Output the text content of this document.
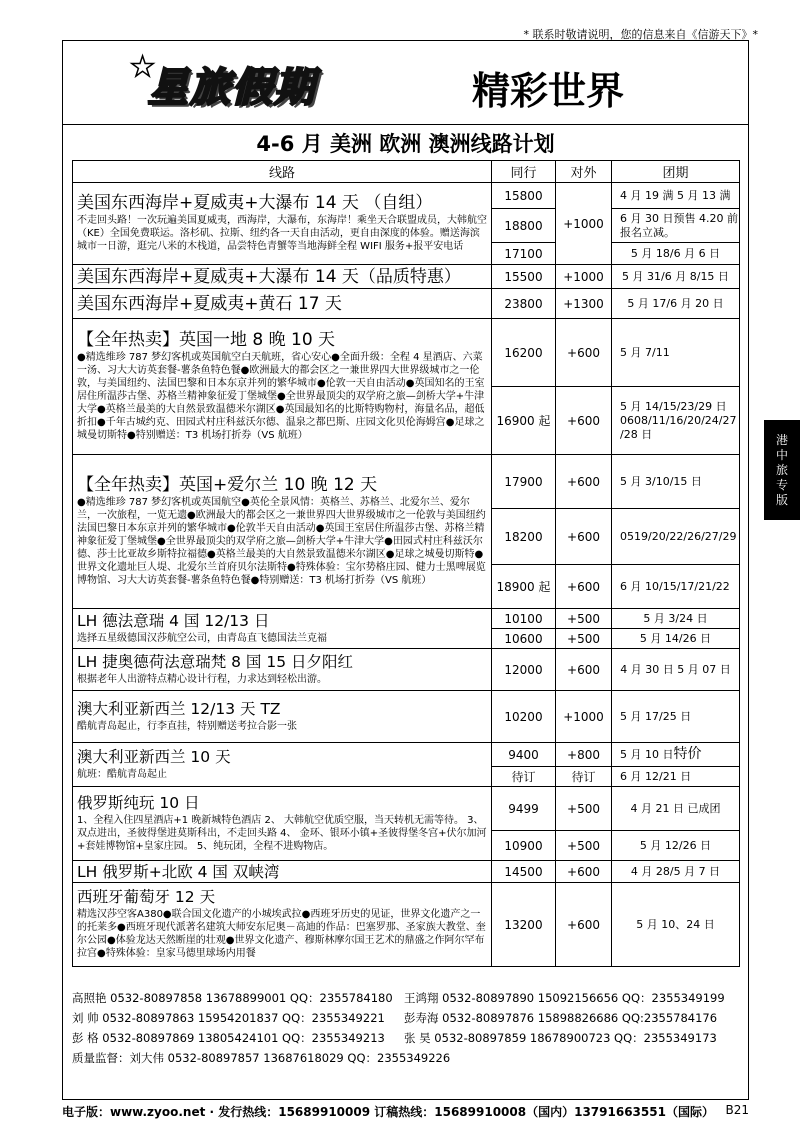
* 联系时敬请说明，您的信息来自《信游天下》*
★
星旅假期	精彩世界
4-6 月 美洲 欧洲 澳洲线路计划
线路	同行	对外	团期

美国东西海岸+夏威夷+大瀑布 14 天 （自组）
不走回头路！一次玩遍美国夏威夷，西海岸，大瀑布，东海岸！乘坐天合联盟成员，大韩航空（KE）全国免费联运。洛杉矶、拉斯、纽约各一天自由活动，更自由深度的体验。赠送海滨城市一日游，逛完八米的木栈道，品尝特色青蟹等当地海鲜全程 WIFI 服务+报平安电话	15800	+1000	4 月 19 满 5 月 13 满
	18800		6 月 30 日预售 4.20 前报名立减。
	17100		5 月 18/6 月 6 日

美国东西海岸+夏威夷+大瀑布 14 天（品质特惠）	15500	+1000	5 月 31/6 月 8/15 日

美国东西海岸+夏威夷+黄石 17 天	23800	+1300	5 月 17/6 月 20 日

【全年热卖】英国一地 8 晚 10 天
●精选维珍 787 梦幻客机或英国航空白天航班，省心安心●全面升级：全程 4 星酒店、六菜一汤、习大大访英套餐-薯条鱼特色餐●欧洲最大的都会区之一兼世界四大世界级城市之一伦敦，与美国纽约、法国巴黎和日本东京并列的繁华城市●伦敦一天自由活动●英国知名的王室居住所温莎古堡、苏格兰精神象征爱丁堡城堡●全世界最顶尖的双学府之旅—剑桥大学+牛津大学●英格兰最美的大自然景致温德米尔湖区●英国最知名的比斯特购物村，海量名品，超低折扣●千年古城约克、田园式村庄科兹沃尔德、温泉之都巴斯、庄园文化贝伦海姆宫●足球之城曼切斯特●特别赠送：T3 机场打折券（VS 航班）	16200	+600	5 月 7/11
	16900 起	+600	5 月 14/15/23/29 日 0608/11/16/20/24/27 /28 日

【全年热卖】英国+爱尔兰 10 晚 12 天
●精选维珍 787 梦幻客机或英国航空●英伦全景风情：英格兰、苏格兰、北爱尔兰、爱尔兰，一次旅程，一览无遗●欧洲最大的都会区之一兼世界四大世界级城市之一伦敦与美国纽约法国巴黎日本东京并列的繁华城市●伦敦半天自由活动●英国王室居住所温莎古堡、苏格兰精神象征爱丁堡城堡●全世界最顶尖的双学府之旅—剑桥大学+牛津大学●田园式村庄科兹沃尔德、莎士比亚故乡斯特拉福德●英格兰最美的大自然景致温德米尔湖区●足球之城曼切斯特●世界文化遗址巨人堤、北爱尔兰首府贝尔法斯特●特殊体验：宝尔势格庄园、健力士黑啤展览博物馆、习大大访英套餐-薯条鱼特色餐●特别赠送：T3 机场打折券（VS 航班）	17900	+600	5 月 3/10/15 日
	18200	+600	0519/20/22/26/27/29
	18900 起	+600	6 月 10/15/17/21/22

LH 德法意瑞 4 国 12/13 日
选择五星级德国汉莎航空公司，由青岛直飞德国法兰克福	10100	+500	5 月 3/24 日
	10600	+500	5 月 14/26 日

LH 捷奥德荷法意瑞梵 8 国 15 日夕阳红
根据老年人出游特点精心设计行程，力求达到轻松出游。	12000	+600	4 月 30 日 5 月 07 日

澳大利亚新西兰 12/13 天 TZ
酷航青岛起止，行李直挂，特别赠送考拉合影一张	10200	+1000	5 月 17/25 日

澳大利亚新西兰 10 天
航班：酷航青岛起止	9400	+800	5 月 10 日特价
	待订	待订	6 月 12/21 日

俄罗斯纯玩 10 日
1、全程入住四星酒店+1 晚新城特色酒店 2、 大韩航空优质空服，当天转机无需等待。 3、双点进出，圣彼得堡进莫斯科出，不走回头路 4、 金环、银环小镇+圣彼得堡冬宫+伏尔加河+套娃博物馆+皇家庄园。 5、纯玩团，全程不进购物店。	9499	+500	4 月 21 日 已成团
	10900	+500	5 月 12/26 日

LH 俄罗斯+北欧 4 国 双峡湾	14500	+600	4 月 28/5 月 7 日

西班牙葡萄牙 12 天
精选汉莎空客A380●联合国文化遗产的小城埃武拉●西班牙历史的见证，世界文化遗产之一的托莱多●西班牙现代派著名建筑大师安东尼奥－高迪的作品：巴塞罗那、圣家族大教堂、奎尔公园●体验龙达天然断崖的壮观●世界文化遗产、穆斯林摩尔国王艺术的鼎盛之作阿尔罕布拉宫●特殊体验：皇家马德里球场内用餐	13200	+600	5 月 10、24 日
高照艳 0532-80897858 13678899001 QQ：2355784180 王鸿翔 0532-80897890 15092156656 QQ：2355349199
刘 帅 0532-80897863 15954201837 QQ：2355349221 彭寿海 0532-80897876 15898826686 QQ:2355784176
彭 格 0532-80897869 13805424101 QQ：2355349213 张 昊 0532-80897859 18678900723 QQ：2355349173
质量监督：刘大伟 0532-80897857 13687618029 QQ：2355349226
港
中
旅
专
版
电子版：www.zyoo.net · 发行热线：15689910009 订稿热线：15689910008（国内）13791663551（国际） B21
